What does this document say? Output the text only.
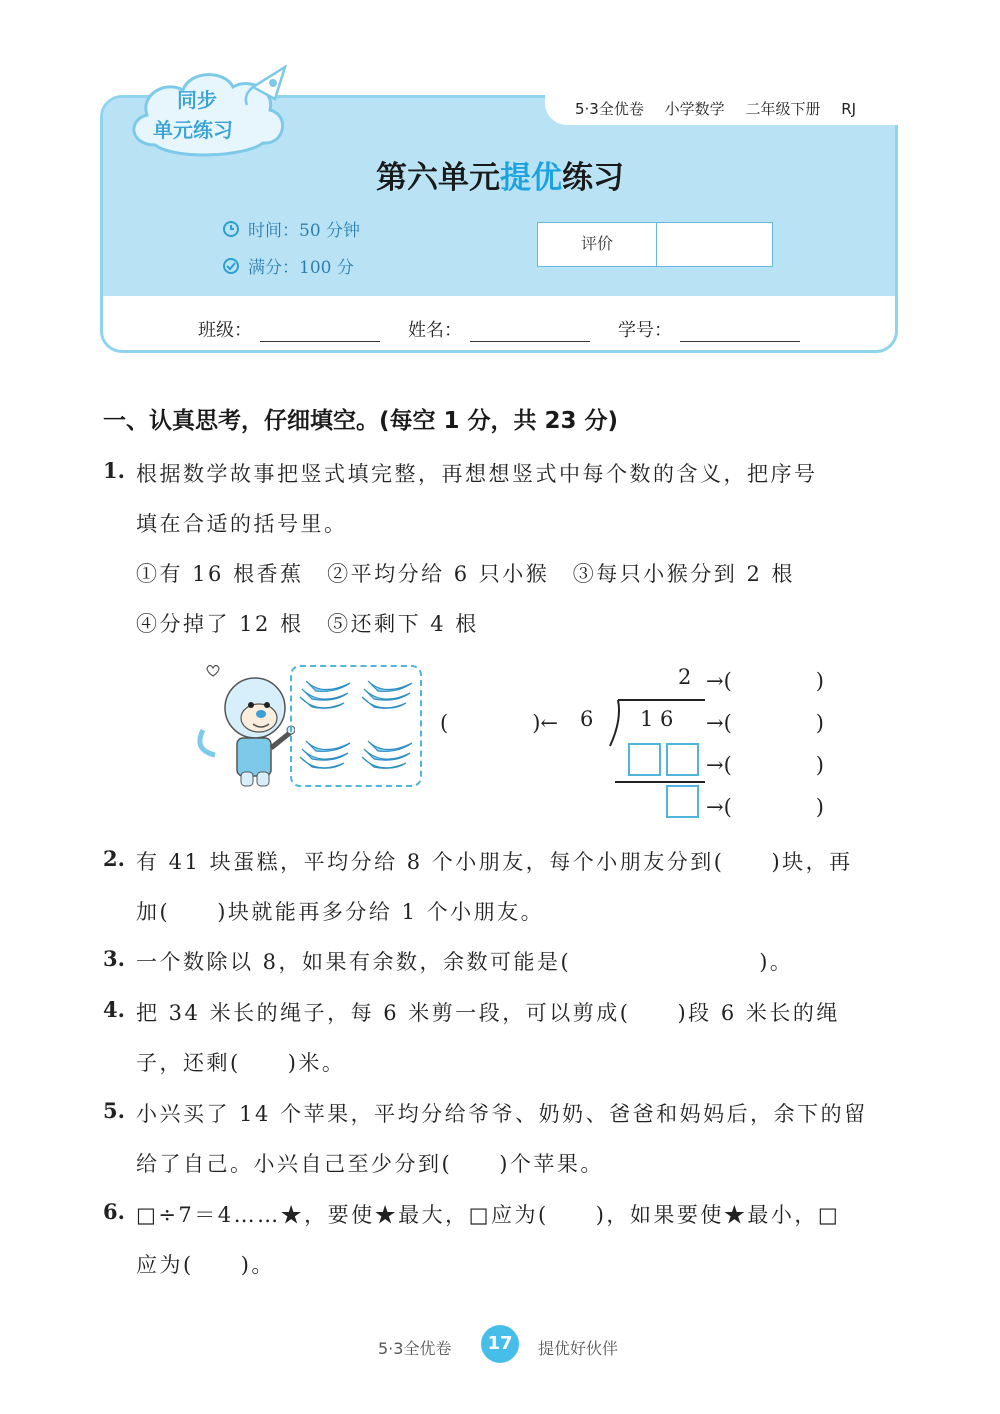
5·3全优卷 小学数学 二年级下册 RJ
同步
单元练习
第六单元提优练习
时间：50 分钟
满分：100 分
评价
班级：	姓名：	学号：
一、认真思考，仔细填空。(每空 1 分，共 23 分)
1. 根据数学故事把竖式填完整，再想想竖式中每个数的含义，把序号
填在合适的括号里。
①有 16 根香蕉　②平均分给 6 只小猴　③每只小猴分到 2 根
④分掉了 12 根　⑤还剩下 4 根
(　　　　)← 6
2
1 6
→(　　　　)
→(　　　　)
→(　　　　)
→(　　　　)
2. 有 41 块蛋糕，平均分给 8 个小朋友，每个小朋友分到(　　)块，再
加(　　)块就能再多分给 1 个小朋友。
3. 一个数除以 8，如果有余数，余数可能是(　　　　　　　　)。
4. 把 34 米长的绳子，每 6 米剪一段，可以剪成(　　)段 6 米长的绳
子，还剩(　　)米。
5. 小兴买了 14 个苹果，平均分给爷爷、奶奶、爸爸和妈妈后，余下的留
给了自己。小兴自己至少分到(　　)个苹果。
6. □÷7＝4……★，要使★最大，□应为(　　)，如果要使★最小，□
应为(　　)。
5·3全优卷	17	提优好伙伴
